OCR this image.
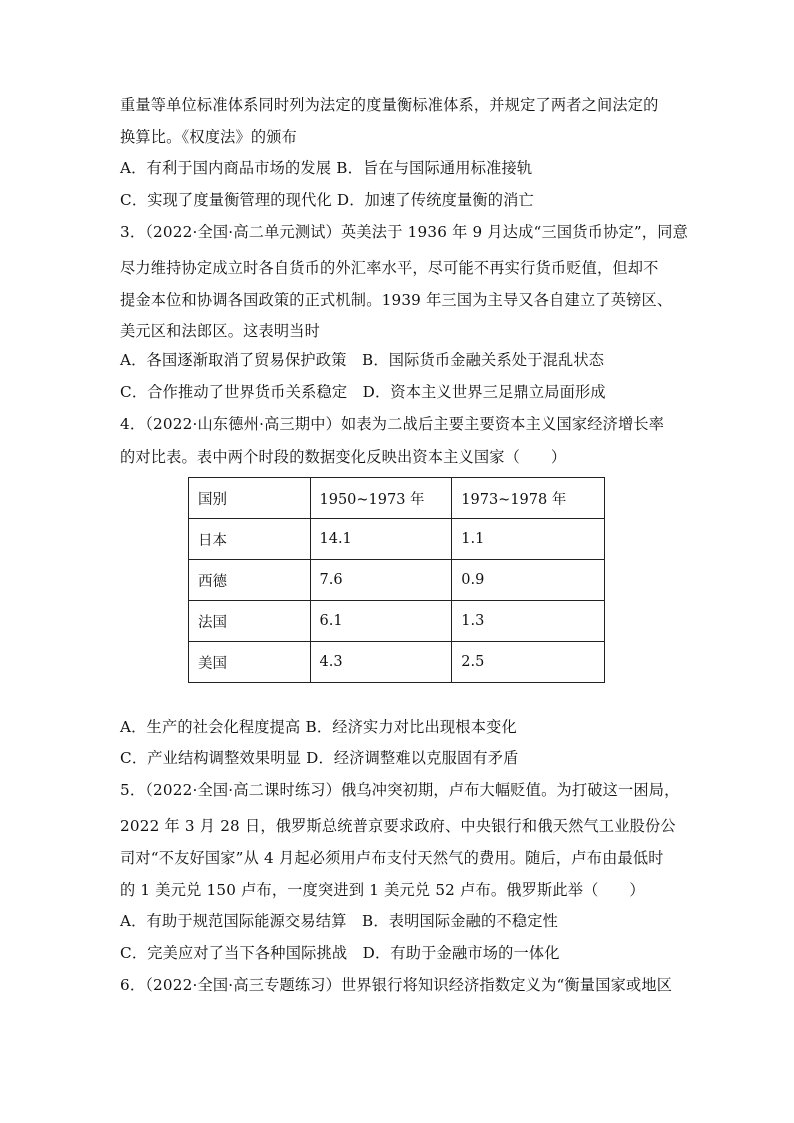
重量等单位标准体系同时列为法定的度量衡标准体系，并规定了两者之间法定的
换算比。《权度法》的颁布
A．有利于国内商品市场的发展 B．旨在与国际通用标准接轨
C．实现了度量衡管理的现代化 D．加速了传统度量衡的消亡
3．（2022·全国·高二单元测试）英美法于 1936 年 9 月达成“三国货币协定”，同意
尽力维持协定成立时各自货币的外汇率水平，尽可能不再实行货币贬值，但却不
提金本位和协调各国政策的正式机制。1939 年三国为主导又各自建立了英镑区、
美元区和法郎区。这表明当时
A．各国逐渐取消了贸易保护政策　B．国际货币金融关系处于混乱状态
C．合作推动了世界货币关系稳定　D．资本主义世界三足鼎立局面形成
4．（2022·山东德州·高三期中）如表为二战后主要主要资本主义国家经济增长率
的对比表。表中两个时段的数据变化反映出资本主义国家（　　）
国别	1950~1973 年	1973~1978 年
日本	14.1	1.1
西德	7.6	0.9
法国	6.1	1.3
美国	4.3	2.5
A．生产的社会化程度提高 B．经济实力对比出现根本变化
C．产业结构调整效果明显 D．经济调整难以克服固有矛盾
5．（2022·全国·高二课时练习）俄乌冲突初期，卢布大幅贬值。为打破这一困局，
2022 年 3 月 28 日，俄罗斯总统普京要求政府、中央银行和俄天然气工业股份公
司对“不友好国家”从 4 月起必须用卢布支付天然气的费用。随后，卢布由最低时
的 1 美元兑 150 卢布，一度突进到 1 美元兑 52 卢布。俄罗斯此举（　　）
A．有助于规范国际能源交易结算　B．表明国际金融的不稳定性
C．完美应对了当下各种国际挑战　D．有助于金融市场的一体化
6．（2022·全国·高三专题练习）世界银行将知识经济指数定义为“衡量国家或地区
